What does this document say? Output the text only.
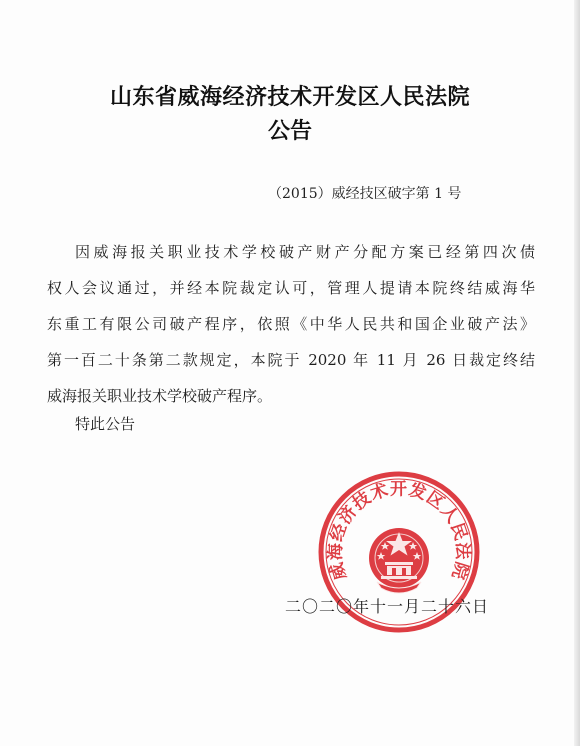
山东省威海经济技术开发区人民法院
公告
（2015）威经技区破字第 1 号
因威海报关职业技术学校破产财产分配方案已经第四次债
权人会议通过，并经本院裁定认可，管理人提请本院终结威海华
东重工有限公司破产程序，依照《中华人民共和国企业破产法》
第一百二十条第二款规定，本院于 2020 年 11 月 26 日裁定终结
威海报关职业技术学校破产程序。
特此公告
威海经济技术开发区人民法院
二〇二〇年十一月二十六日
